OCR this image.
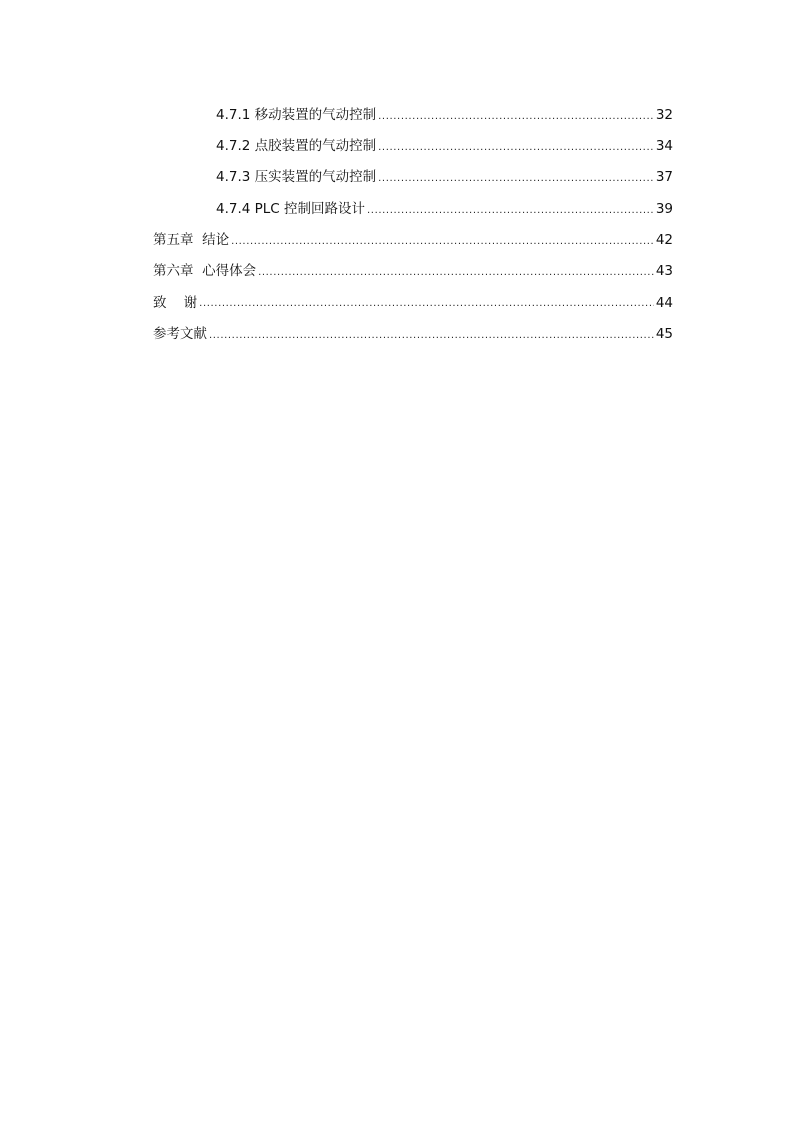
4.7.1 移动装置的气动控制 .....	32
4.7.2 点胶装置的气动控制 .....	34
4.7.3 压实装置的气动控制 .....	37
4.7.4 PLC 控制回路设计 .....	39
第五章  结论 .....	42
第六章  心得体会 .....	43
致    谢 .....	44
参考文献 .....	45
